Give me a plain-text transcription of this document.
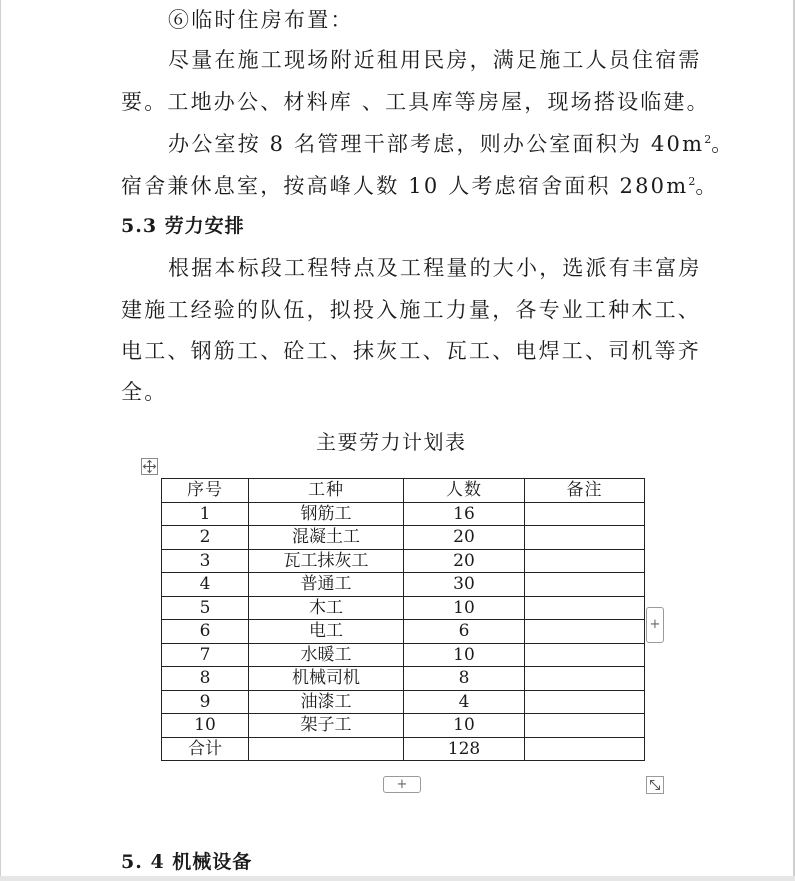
⑥临时住房布置：
尽量在施工现场附近租用民房，满足施工人员住宿需
要。工地办公、材料库 、工具库等房屋，现场搭设临建。
办公室按 8 名管理干部考虑，则办公室面积为 $40m^2$。
宿舍兼休息室，按高峰人数 10 人考虑宿舍面积 $280m^2$。
5.3 劳力安排
根据本标段工程特点及工程量的大小，选派有丰富房
建施工经验的队伍，拟投入施工力量，各专业工种木工、
电工、钢筋工、砼工、抹灰工、瓦工、电焊工、司机等齐
全。
主要劳力计划表
序号	工种	人数	备注
1	钢筋工	16	
2	混凝土工	20	
3	瓦工抹灰工	20	
4	普通工	30	
5	木工	10	
6	电工	6	
7	水暖工	10	
8	机械司机	8	
9	油漆工	4	
10	架子工	10	
合计		128	
+
+
5. 4 机械设备
